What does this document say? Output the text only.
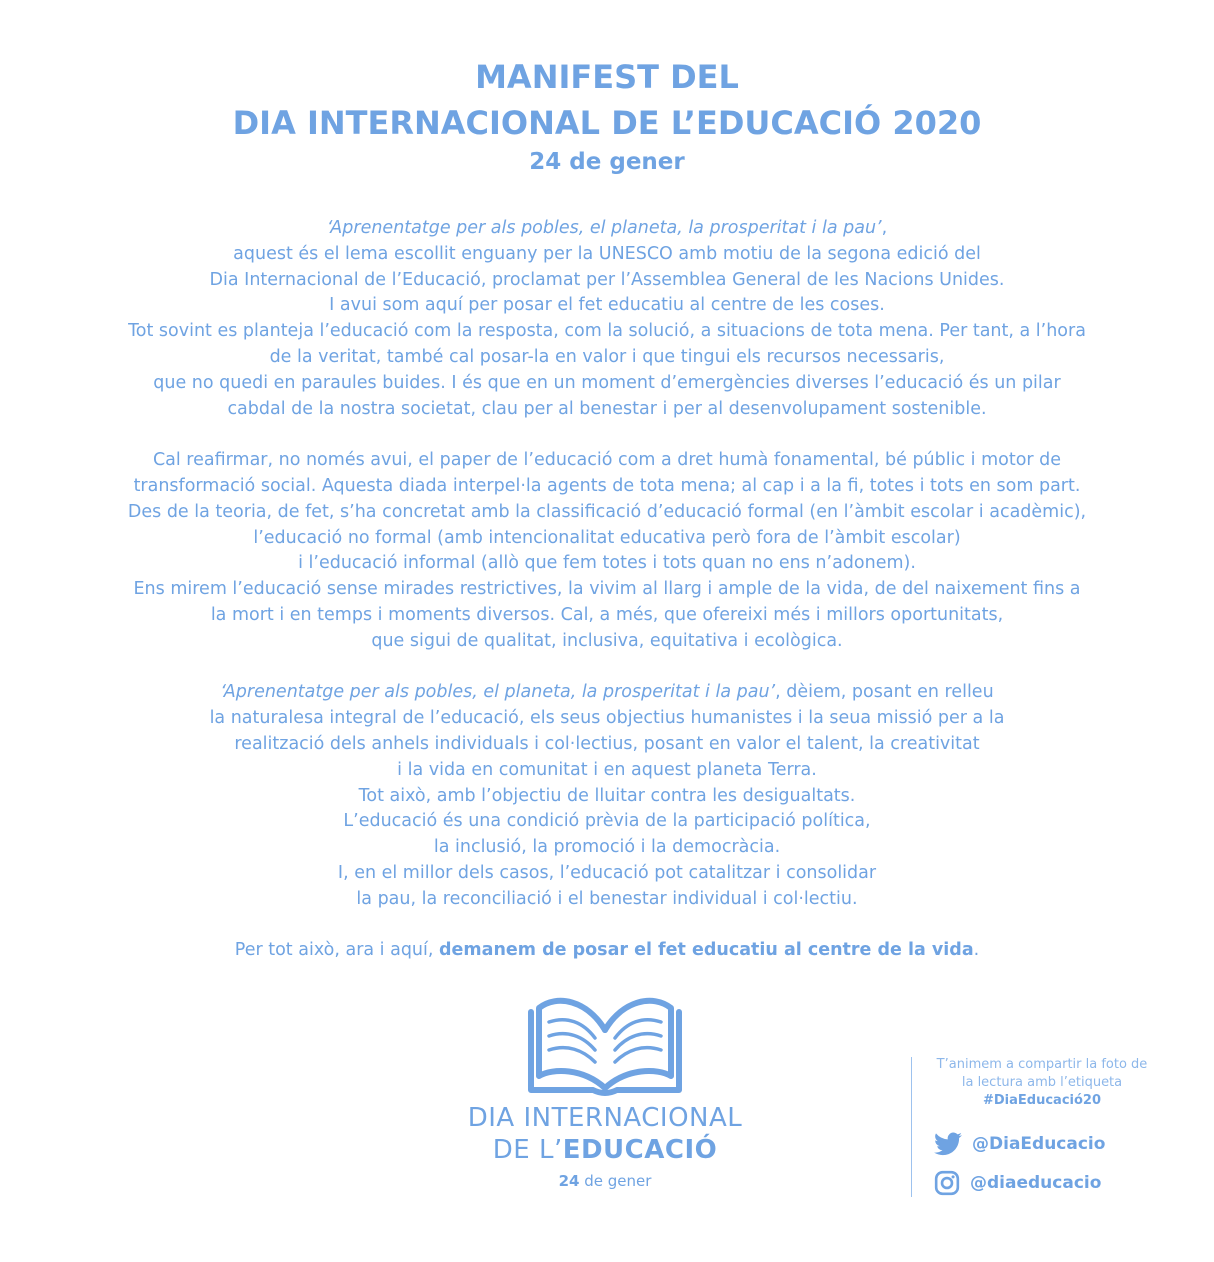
MANIFEST DEL
DIA INTERNACIONAL DE L’EDUCACIÓ 2020
24 de gener
‘Aprenentatge per als pobles, el planeta, la prosperitat i la pau’,
aquest és el lema escollit enguany per la UNESCO amb motiu de la segona edició del
Dia Internacional de l’Educació, proclamat per l’Assemblea General de les Nacions Unides.
I avui som aquí per posar el fet educatiu al centre de les coses.
Tot sovint es planteja l’educació com la resposta, com la solució, a situacions de tota mena. Per tant, a l’hora
de la veritat, també cal posar-la en valor i que tingui els recursos necessaris,
que no quedi en paraules buides. I és que en un moment d’emergències diverses l’educació és un pilar
cabdal de la nostra societat, clau per al benestar i per al desenvolupament sostenible.
Cal reafirmar, no només avui, el paper de l’educació com a dret humà fonamental, bé públic i motor de
transformació social. Aquesta diada interpel·la agents de tota mena; al cap i a la fi, totes i tots en som part.
Des de la teoria, de fet, s’ha concretat amb la classificació d’educació formal (en l’àmbit escolar i acadèmic),
l’educació no formal (amb intencionalitat educativa però fora de l’àmbit escolar)
i l’educació informal (allò que fem totes i tots quan no ens n’adonem).
Ens mirem l’educació sense mirades restrictives, la vivim al llarg i ample de la vida, de del naixement fins a
la mort i en temps i moments diversos. Cal, a més, que ofereixi més i millors oportunitats,
que sigui de qualitat, inclusiva, equitativa i ecològica.
‘Aprenentatge per als pobles, el planeta, la prosperitat i la pau’, dèiem, posant en relleu
la naturalesa integral de l’educació, els seus objectius humanistes i la seua missió per a la
realització dels anhels individuals i col·lectius, posant en valor el talent, la creativitat
i la vida en comunitat i en aquest planeta Terra.
Tot això, amb l’objectiu de lluitar contra les desigualtats.
L’educació és una condició prèvia de la participació política,
la inclusió, la promoció i la democràcia.
I, en el millor dels casos, l’educació pot catalitzar i consolidar
la pau, la reconciliació i el benestar individual i col·lectiu.
Per tot això, ara i aquí, demanem de posar el fet educatiu al centre de la vida.
DIA INTERNACIONAL
DE L’EDUCACIÓ
24 de gener
T’animem a compartir la foto de
la lectura amb l’etiqueta
#DiaEducació20
@DiaEducacio
@diaeducacio
